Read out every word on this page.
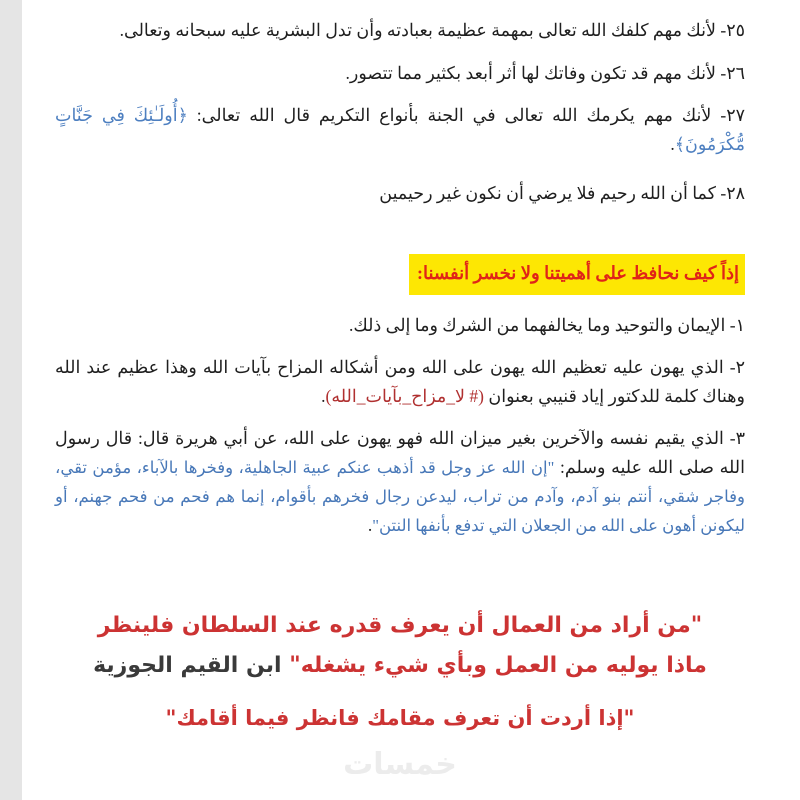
٢٥- لأنك مهم كلفك الله تعالى بمهمة عظيمة بعبادته وأن تدل البشرية عليه سبحانه وتعالى.

٢٦- لأنك مهم قد تكون وفاتك لها أثر أبعد بكثير مما تتصور.

٢٧- لأنك مهم يكرمك الله تعالى في الجنة بأنواع التكريم قال الله تعالى: ﴿أُولَـٰئِكَ فِي جَنَّاتٍ مُّكْرَمُونَ﴾.

٢٨- كما أن الله رحيم فلا يرضي أن نكون غير رحيمين

إذاً كيف نحافظ على أهميتنا ولا نخسر أنفسنا:

١- الإيمان والتوحيد وما يخالفهما من الشرك وما إلى ذلك.

٢- الذي يهون عليه تعظيم الله يهون على الله ومن أشكاله المزاح بآيات الله وهذا عظيم عند الله وهناك كلمة للدكتور إياد قنيبي بعنوان (# لا_مزاح_بآيات_الله).

٣- الذي يقيم نفسه والآخرين بغير ميزان الله فهو يهون على الله، عن أبي هريرة قال: قال رسول الله صلى الله عليه وسلم: "إن الله عز وجل قد أذهب عنكم عبية الجاهلية، وفخرها بالآباء، مؤمن تقي، وفاجر شقي، أنتم بنو آدم، وآدم من تراب، ليدعن رجال فخرهم بأقوام، إنما هم فحم من فحم جهنم، أو ليكونن أهون على الله من الجعلان التي تدفع بأنفها النتن".

"من أراد من العمال أن يعرف قدره عند السلطان فلينظر ماذا يوليه من العمل وبأي شيء يشغله" ابن القيم الجوزية
"إذا أردت أن تعرف مقامك فانظر فيما أقامك"
خمسات
